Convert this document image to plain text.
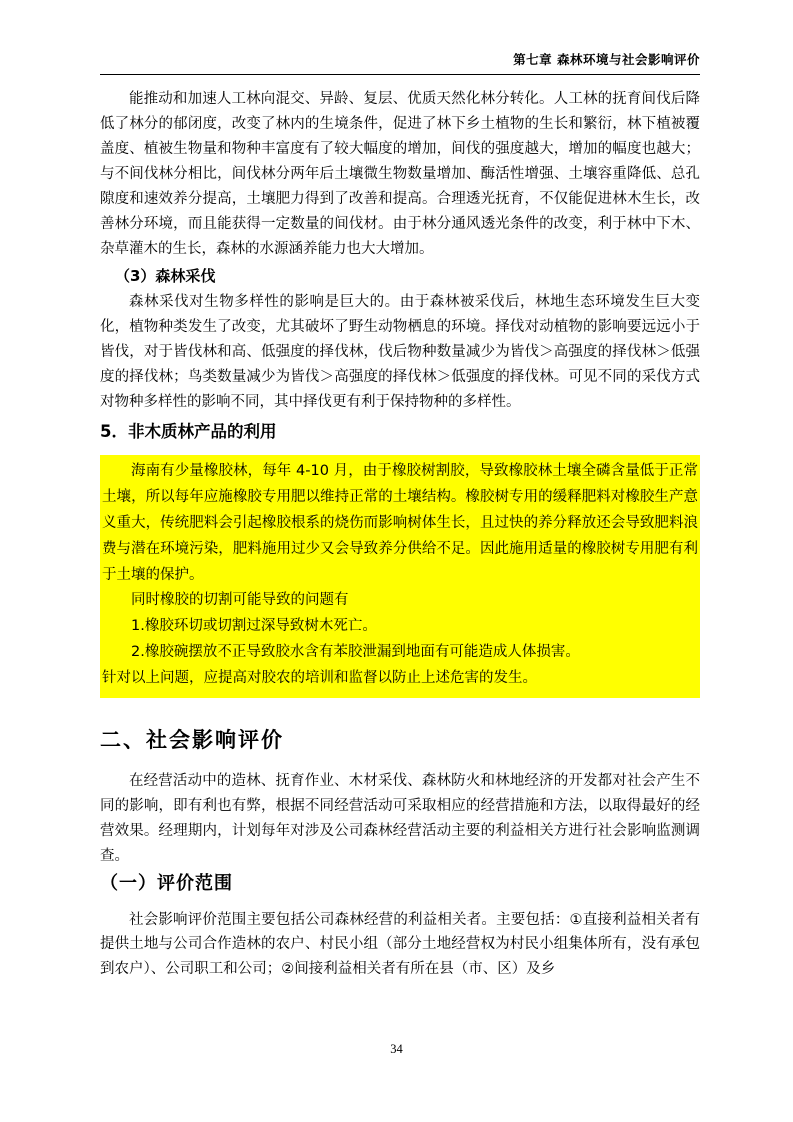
第七章 森林环境与社会影响评价

能推动和加速人工林向混交、异龄、复层、优质天然化林分转化。人工林的抚育间伐后降低了林分的郁闭度，改变了林内的生境条件，促进了林下乡土植物的生长和繁衍，林下植被覆盖度、植被生物量和物种丰富度有了较大幅度的增加，间伐的强度越大，增加的幅度也越大；与不间伐林分相比，间伐林分两年后土壤微生物数量增加、酶活性增强、土壤容重降低、总孔隙度和速效养分提高，土壤肥力得到了改善和提高。合理透光抚育，不仅能促进林木生长，改善林分环境，而且能获得一定数量的间伐材。由于林分通风透光条件的改变，利于林中下木、杂草灌木的生长，森林的水源涵养能力也大大增加。

（3）森林采伐

森林采伐对生物多样性的影响是巨大的。由于森林被采伐后，林地生态环境发生巨大变化，植物种类发生了改变，尤其破坏了野生动物栖息的环境。择伐对动植物的影响要远远小于皆伐，对于皆伐林和高、低强度的择伐林，伐后物种数量减少为皆伐＞高强度的择伐林＞低强度的择伐林；鸟类数量减少为皆伐＞高强度的择伐林＞低强度的择伐林。可见不同的采伐方式对物种多样性的影响不同，其中择伐更有利于保持物种的多样性。

5．非木质林产品的利用

海南有少量橡胶林，每年 4-10 月，由于橡胶树割胶，导致橡胶林土壤全磷含量低于正常土壤，所以每年应施橡胶专用肥以维持正常的土壤结构。橡胶树专用的缓释肥料对橡胶生产意义重大，传统肥料会引起橡胶根系的烧伤而影响树体生长，且过快的养分释放还会导致肥料浪费与潜在环境污染，肥料施用过少又会导致养分供给不足。因此施用适量的橡胶树专用肥有利于土壤的保护。

同时橡胶的切割可能导致的问题有

1.橡胶环切或切割过深导致树木死亡。

2.橡胶碗摆放不正导致胶水含有苯胶泄漏到地面有可能造成人体损害。

针对以上问题，应提高对胶农的培训和监督以防止上述危害的发生。

二、社会影响评价

在经营活动中的造林、抚育作业、木材采伐、森林防火和林地经济的开发都对社会产生不同的影响，即有利也有弊，根据不同经营活动可采取相应的经营措施和方法，以取得最好的经营效果。经理期内，计划每年对涉及公司森林经营活动主要的利益相关方进行社会影响监测调查。

（一）评价范围

社会影响评价范围主要包括公司森林经营的利益相关者。主要包括：①直接利益相关者有提供土地与公司合作造林的农户、村民小组（部分土地经营权为村民小组集体所有，没有承包到农户）、公司职工和公司；②间接利益相关者有所在县（市、区）及乡

34
